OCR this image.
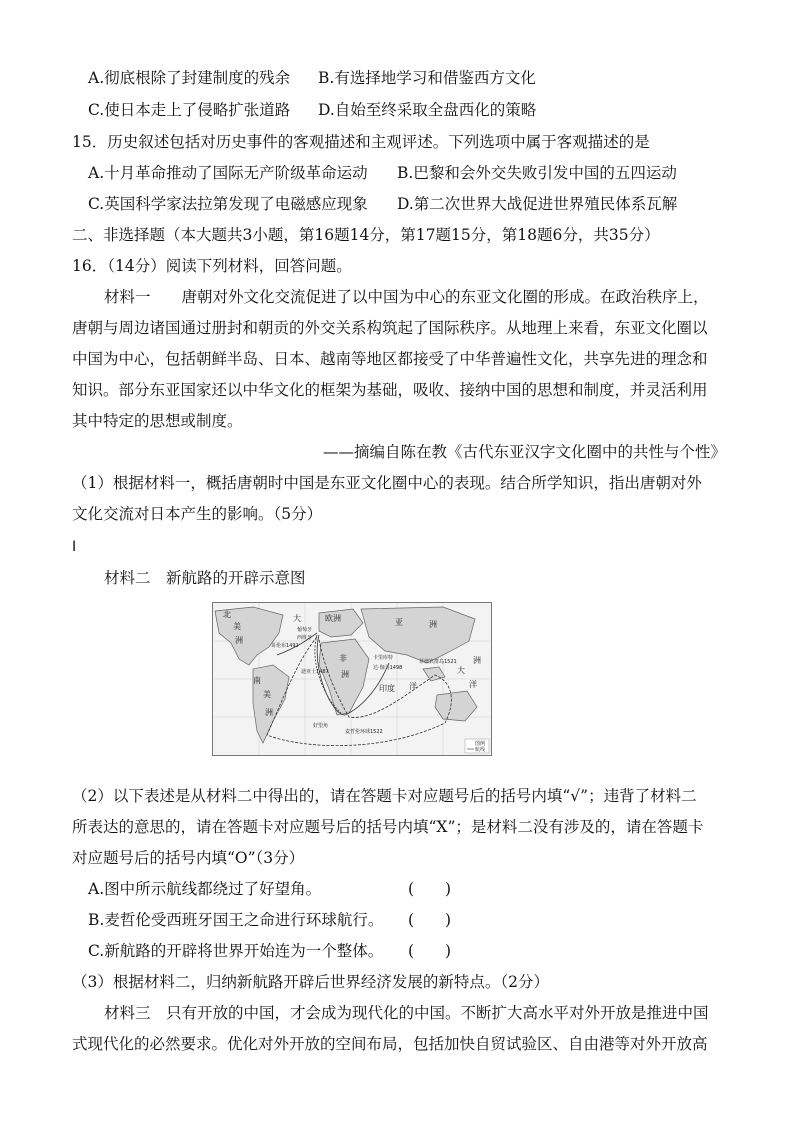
A.彻底根除了封建制度的残余 B.有选择地学习和借鉴西方文化
C.使日本走上了侵略扩张道路 D.自始至终采取全盘西化的策略
15．历史叙述包括对历史事件的客观描述和主观评述。下列选项中属于客观描述的是
A.十月革命推动了国际无产阶级革命运动 B.巴黎和会外交失败引发中国的五四运动
C.英国科学家法拉第发现了电磁感应现象 D.第二次世界大战促进世界殖民体系瓦解
二、非选择题（本大题共3小题，第16题14分，第17题15分，第18题6分，共35分）
16．（14分）阅读下列材料，回答问题。
材料一　　唐朝对外文化交流促进了以中国为中心的东亚文化圈的形成。在政治秩序上，
唐朝与周边诸国通过册封和朝贡的外交关系构筑起了国际秩序。从地理上来看，东亚文化圈以
中国为中心，包括朝鲜半岛、日本、越南等地区都接受了中华普遍性文化，共享先进的理念和
知识。部分东亚国家还以中华文化的框架为基础，吸收、接纳中国的思想和制度，并灵活利用
其中特定的思想或制度。
——摘编自陈在教《古代东亚汉字文化圈中的共性与个性》
（1）根据材料一，概括唐朝时中国是东亚文化圈中心的表现。结合所学知识，指出唐朝对外
文化交流对日本产生的影响。（5分）
I
材料二　新航路的开辟示意图
北
美
洲
大	欧洲	亚	洲
非
洲
南
美
洲
印度 洋
大
洋
洲
葡萄牙
西班牙
哥伦布1492
迪亚士1487
达·伽马1498
卡里库特
菲律宾群岛1521
好望角
麦哲伦环球1522
图例
航线
（2）以下表述是从材料二中得出的，请在答题卡对应题号后的括号内填“√”；违背了材料二
所表达的意思的，请在答题卡对应题号后的括号内填“X”；是材料二没有涉及的，请在答题卡
对应题号后的括号内填“O”（3分）
A.图中所示航线都绕过了好望角。	(　　)
B.麦哲伦受西班牙国王之命进行环球航行。 (　　)
C.新航路的开辟将世界开始连为一个整体。 (　　)
（3）根据材料二，归纳新航路开辟后世界经济发展的新特点。（2分）
材料三　只有开放的中国，才会成为现代化的中国。不断扩大高水平对外开放是推进中国
式现代化的必然要求。优化对外开放的空间布局，包括加快自贸试验区、自由港等对外开放高
